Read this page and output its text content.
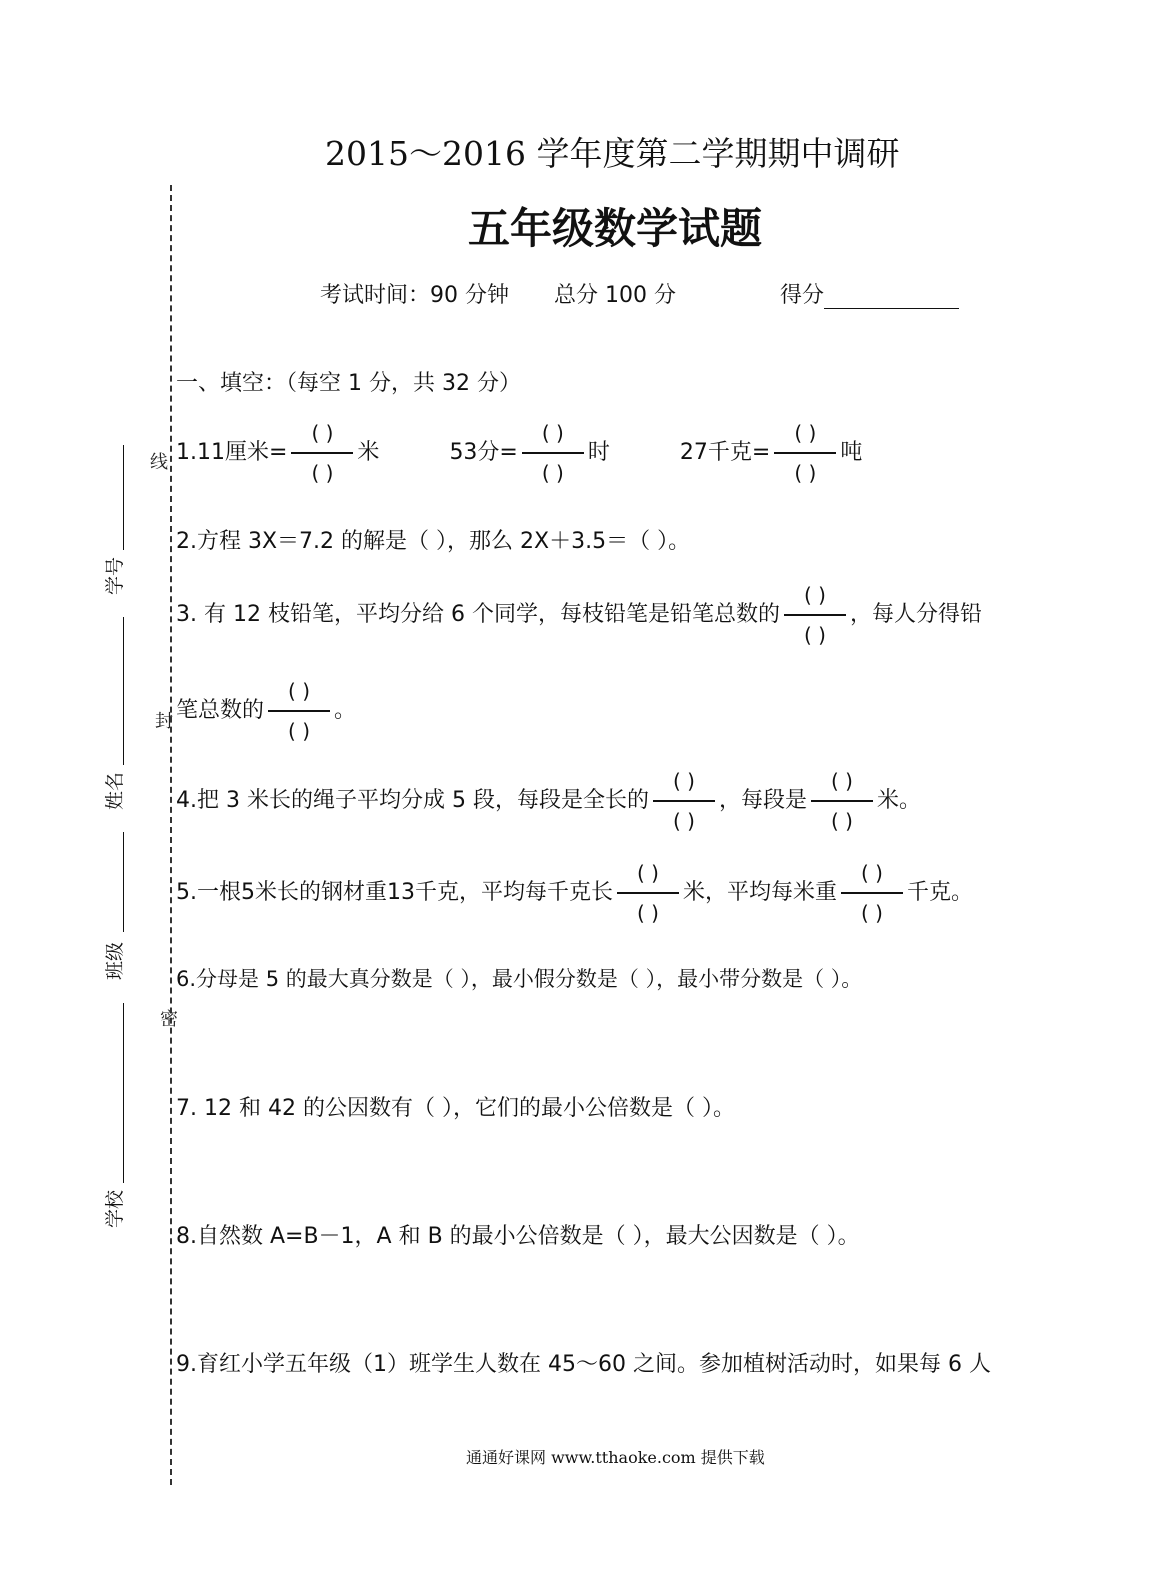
2015～2016 学年度第二学期期中调研
五年级数学试题
考试时间：90 分钟 总分 100 分	得分
线
封
密
学号
姓名
班级
学校
一、填空：（每空 1 分，共 32 分）
1.11厘米= $\frac{( )}{( )}$ 米	53分= $\frac{( )}{( )}$ 时	27千克= $\frac{( )}{( )}$ 吨
2.方程 3X＝7.2 的解是（ ），那么 2X＋3.5＝（ ）。
3. 有 12 枝铅笔，平均分给 6 个同学，每枝铅笔是铅笔总数的 $\frac{( )}{( )}$ ，每人分得铅
笔总数的 $\frac{( )}{( )}$ 。
4.把 3 米长的绳子平均分成 5 段，每段是全长的 $\frac{( )}{( )}$ ，每段是 $\frac{( )}{( )}$ 米。
5.一根5米长的钢材重13千克，平均每千克长 $\frac{( )}{( )}$ 米，平均每米重 $\frac{( )}{( )}$ 千克。
6.分母是 5 的最大真分数是（ ），最小假分数是（ ），最小带分数是（ ）。
7. 12 和 42 的公因数有（ ），它们的最小公倍数是（ ）。
8.自然数 A=B－1，A 和 B 的最小公倍数是（ ），最大公因数是（ ）。
9.育红小学五年级（1）班学生人数在 45～60 之间。参加植树活动时，如果每 6 人
通通好课网 www.tthaoke.com 提供下载
